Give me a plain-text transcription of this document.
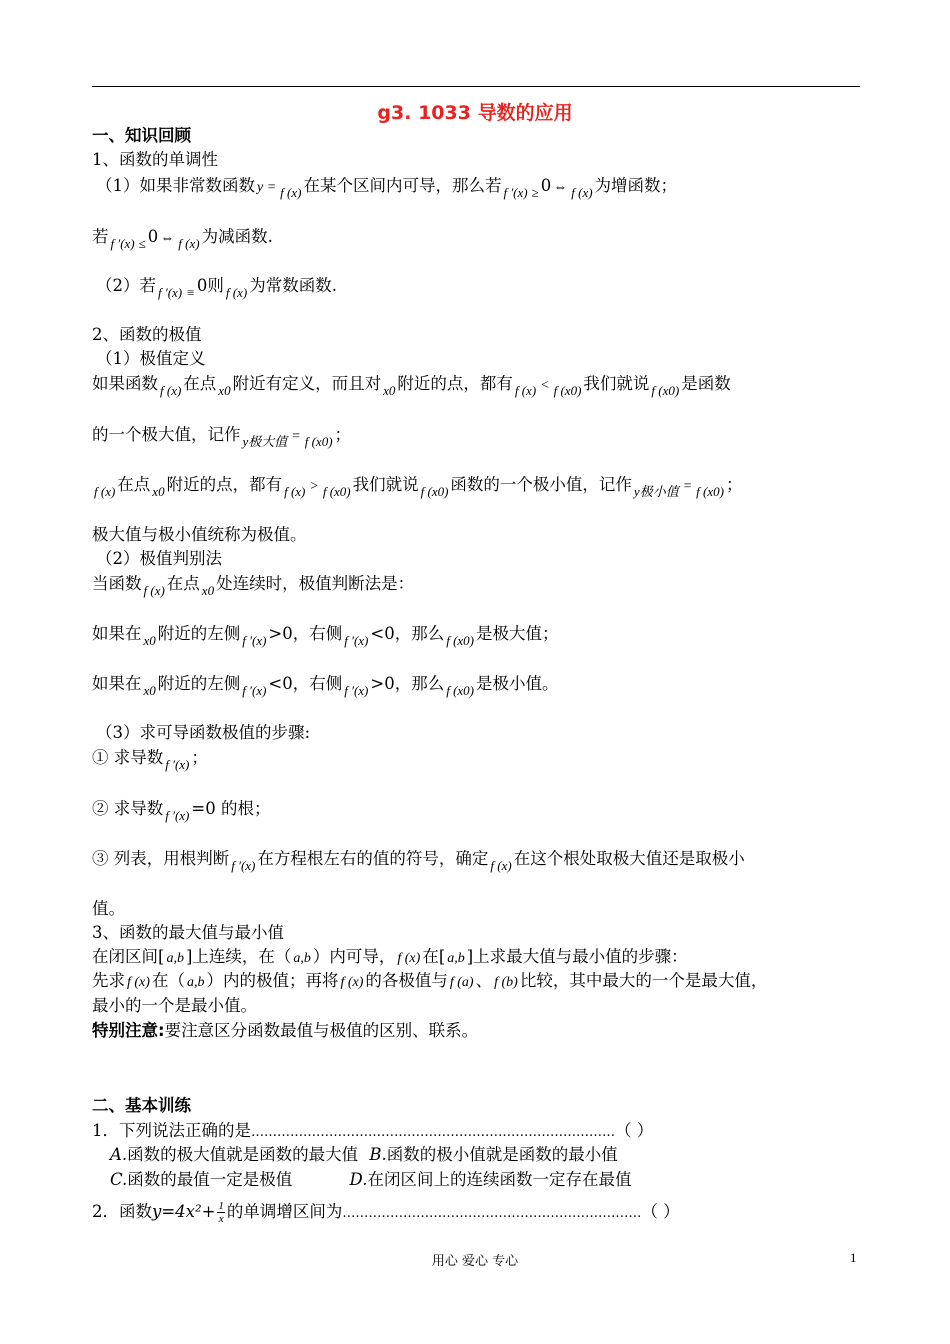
g3. 1033 导数的应用
一、知识回顾
1、函数的单调性
（1）如果非常数函数 y = $_{f (x)}$ 在某个区间内可导，那么若 $_{f '(x)}$ $_\ge$ 0 ⇔ $_{f (x)}$ 为增函数；
若 $_{f '(x)}$ $_\le$ 0 ⇔ $_{f (x)}$ 为减函数.
（2）若 $_{f '(x)}$ $_\equiv$ 0则 $_{f (x)}$ 为常数函数.
2、函数的极值
（1）极值定义
如果函数 $_{f (x)}$ 在点 $_{x0}$ 附近有定义，而且对 $_{x0}$ 附近的点，都有 $_{f (x)}$ < $_{f (x0)}$ 我们就说 $_{f (x0)}$ 是函数
的一个极大值，记作 $_{y极大值}$ = $_{f (x0)}$ ；
$_{f (x)}$ 在点 $_{x0}$ 附近的点，都有 $_{f (x)}$ > $_{f (x0)}$ 我们就说 $_{f (x0)}$ 函数的一个极小值，记作 $_{y极小值}$ = $_{f (x0)}$ ；
极大值与极小值统称为极值。
（2）极值判别法
当函数 $_{f (x)}$ 在点 $_{x0}$ 处连续时，极值判断法是：
如果在 $_{x0}$ 附近的左侧 $_{f '(x)}$ >0，右侧 $_{f '(x)}$ <0，那么 $_{f (x0)}$ 是极大值；
如果在 $_{x0}$ 附近的左侧 $_{f '(x)}$ <0，右侧 $_{f '(x)}$ >0，那么 $_{f (x0)}$ 是极小值。
（3）求可导函数极值的步骤:
① 求导数 $_{f '(x)}$ ；
② 求导数 $_{f '(x)}$ =0 的根；
③ 列表，用根判断 $_{f '(x)}$ 在方程根左右的值的符号，确定 $_{f (x)}$ 在这个根处取极大值还是取极小
值。
3、函数的最大值与最小值
在闭区间[ a,b ]上连续，在（ a,b ）内可导， f (x) 在[ a,b ]上求最大值与最小值的步骤：
先求 f (x) 在（ a,b ）内的极值；再将 f (x) 的各极值与 f (a) 、 f (b) 比较，其中最大的一个是最大值，
最小的一个是最小值。
特别注意:要注意区分函数最值与极值的区别、联系。
二、基本训练
1．下列说法正确的是…………………………………………………………………………（ ）
A.函数的极大值就是函数的最大值 B.函数的极小值就是函数的最小值
C.函数的最值一定是极值	D.在闭区间上的连续函数一定存在最值
2．函数$y=4x^2+ \frac{1}{x}$ 的单调增区间为……………………………………………………………（ ）
用心 爱心 专心	1
